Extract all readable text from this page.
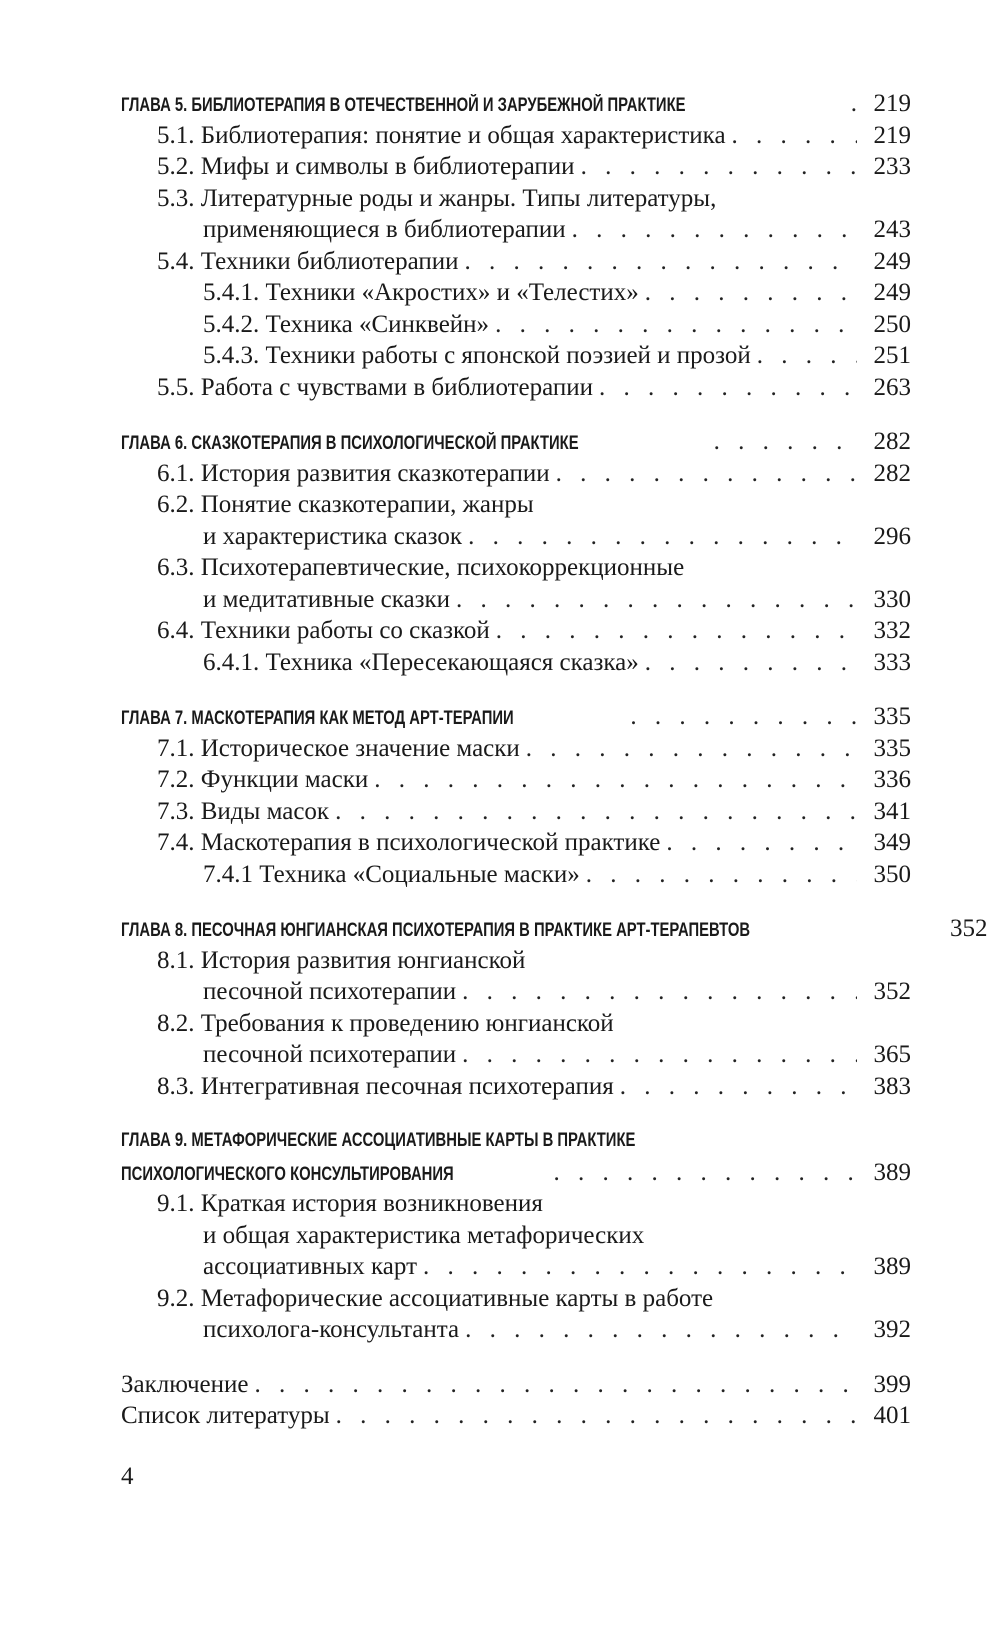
ГЛАВА 5. БИБЛИОТЕРАПИЯ В ОТЕЧЕСТВЕННОЙ И ЗАРУБЕЖНОЙ ПРАКТИКЕ . . .	219
5.1. Библиотерапия: понятие и общая характеристика . . .	219
5.2. Мифы и символы в библиотерапии . . .	233
5.3. Литературные роды и жанры. Типы литературы,
применяющиеся в библиотерапии . . .	243
5.4. Техники библиотерапии . . .	249
5.4.1. Техники «Акростих» и «Телестих» . . .	249
5.4.2. Техника «Синквейн» . . .	250
5.4.3. Техники работы с японской поэзией и прозой . . .	251
5.5. Работа с чувствами в библиотерапии . . .	263
ГЛАВА 6. СКАЗКОТЕРАПИЯ В ПСИХОЛОГИЧЕСКОЙ ПРАКТИКЕ . . .	282
6.1. История развития сказкотерапии . . .	282
6.2. Понятие сказкотерапии, жанры
и характеристика сказок . . .	296
6.3. Психотерапевтические, психокоррекционные
и медитативные сказки . . .	330
6.4. Техники работы со сказкой . . .	332
6.4.1. Техника «Пересекающаяся сказка» . . .	333
ГЛАВА 7. МАСКОТЕРАПИЯ КАК МЕТОД АРТ-ТЕРАПИИ . . .	335
7.1. Историческое значение маски . . .	335
7.2. Функции маски . . .	336
7.3. Виды масок . . .	341
7.4. Маскотерапия в психологической практике . . .	349
7.4.1 Техника «Социальные маски» . . .	350
ГЛАВА 8. ПЕСОЧНАЯ ЮНГИАНСКАЯ ПСИХОТЕРАПИЯ В ПРАКТИКЕ АРТ-ТЕРАПЕВТОВ	352
8.1. История развития юнгианской
песочной психотерапии . . .	352
8.2. Требования к проведению юнгианской
песочной психотерапии . . .	365
8.3. Интегративная песочная психотерапия . . .	383
ГЛАВА 9. МЕТАФОРИЧЕСКИЕ АССОЦИАТИВНЫЕ КАРТЫ В ПРАКТИКЕ
ПСИХОЛОГИЧЕСКОГО КОНСУЛЬТИРОВАНИЯ . . .	389
9.1. Краткая история возникновения
и общая характеристика метафорических
ассоциативных карт . . .	389
9.2. Метафорические ассоциативные карты в работе
психолога-консультанта . . .	392
Заключение . . .	399
Список литературы . . .	401
4
